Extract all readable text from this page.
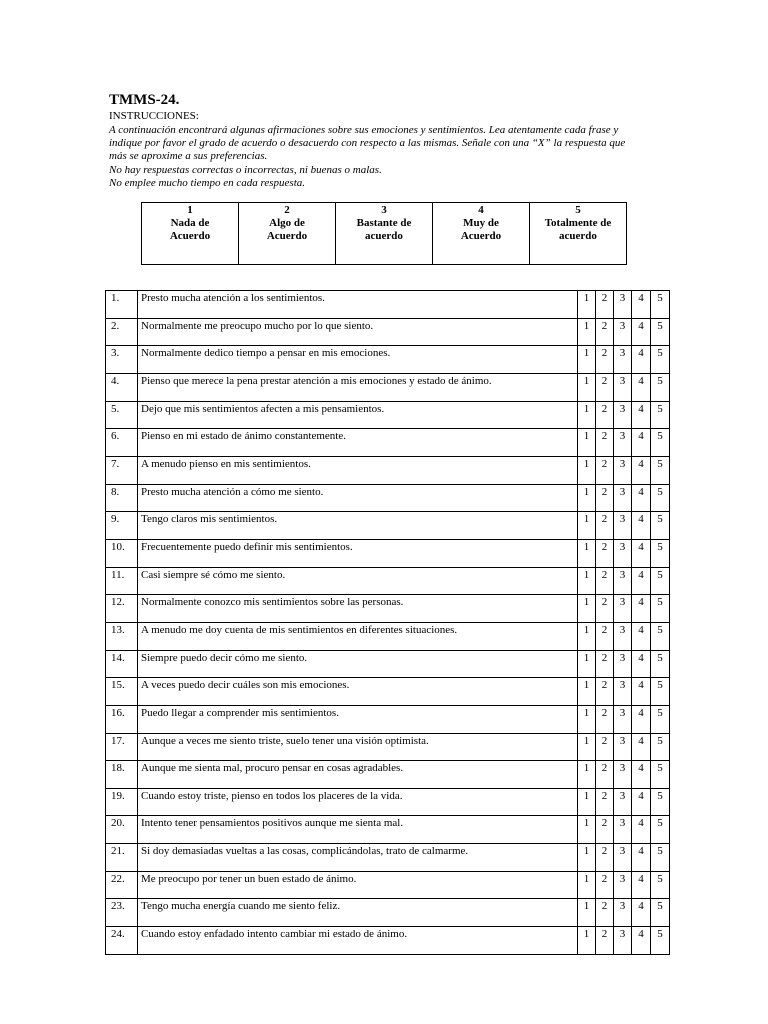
TMMS-24.
INSTRUCCIONES:
A continuación encontrará algunas afirmaciones sobre sus emociones y sentimientos. Lea atentamente cada frase y
indique por favor el grado de acuerdo o desacuerdo con respecto a las mismas. Señale con una “X” la respuesta que
más se aproxime a sus preferencias.
No hay respuestas correctas o incorrectas, ni buenas o malas.
No emplee mucho tiempo en cada respuesta.
1
Nada de
Acuerdo

2
Algo de
Acuerdo

3
Bastante de
acuerdo

4
Muy de
Acuerdo

5
Totalmente de
acuerdo
1.	Presto mucha atención a los sentimientos.	1	2	3	4	5
2.	Normalmente me preocupo mucho por lo que siento.	1	2	3	4	5
3.	Normalmente dedico tiempo a pensar en mis emociones.	1	2	3	4	5
4.	Pienso que merece la pena prestar atención a mis emociones y estado de ánimo.	1	2	3	4	5
5.	Dejo que mis sentimientos afecten a mis pensamientos.	1	2	3	4	5
6.	Pienso en mi estado de ánimo constantemente.	1	2	3	4	5
7.	A menudo pienso en mis sentimientos.	1	2	3	4	5
8.	Presto mucha atención a cómo me siento.	1	2	3	4	5
9.	Tengo claros mis sentimientos.	1	2	3	4	5
10.	Frecuentemente puedo definir mis sentimientos.	1	2	3	4	5
11.	Casi siempre sé cómo me siento.	1	2	3	4	5
12.	Normalmente conozco mis sentimientos sobre las personas.	1	2	3	4	5
13.	A menudo me doy cuenta de mis sentimientos en diferentes situaciones.	1	2	3	4	5
14.	Siempre puedo decir cómo me siento.	1	2	3	4	5
15.	A veces puedo decir cuáles son mis emociones.	1	2	3	4	5
16.	Puedo llegar a comprender mis sentimientos.	1	2	3	4	5
17.	Aunque a veces me siento triste, suelo tener una visión optimista.	1	2	3	4	5
18.	Aunque me sienta mal, procuro pensar en cosas agradables.	1	2	3	4	5
19.	Cuando estoy triste, pienso en todos los placeres de la vida.	1	2	3	4	5
20.	Intento tener pensamientos positivos aunque me sienta mal.	1	2	3	4	5
21.	Si doy demasiadas vueltas a las cosas, complicándolas, trato de calmarme.	1	2	3	4	5
22.	Me preocupo por tener un buen estado de ánimo.	1	2	3	4	5
23.	Tengo mucha energía cuando me siento feliz.	1	2	3	4	5
24.	Cuando estoy enfadado intento cambiar mi estado de ánimo.	1	2	3	4	5
